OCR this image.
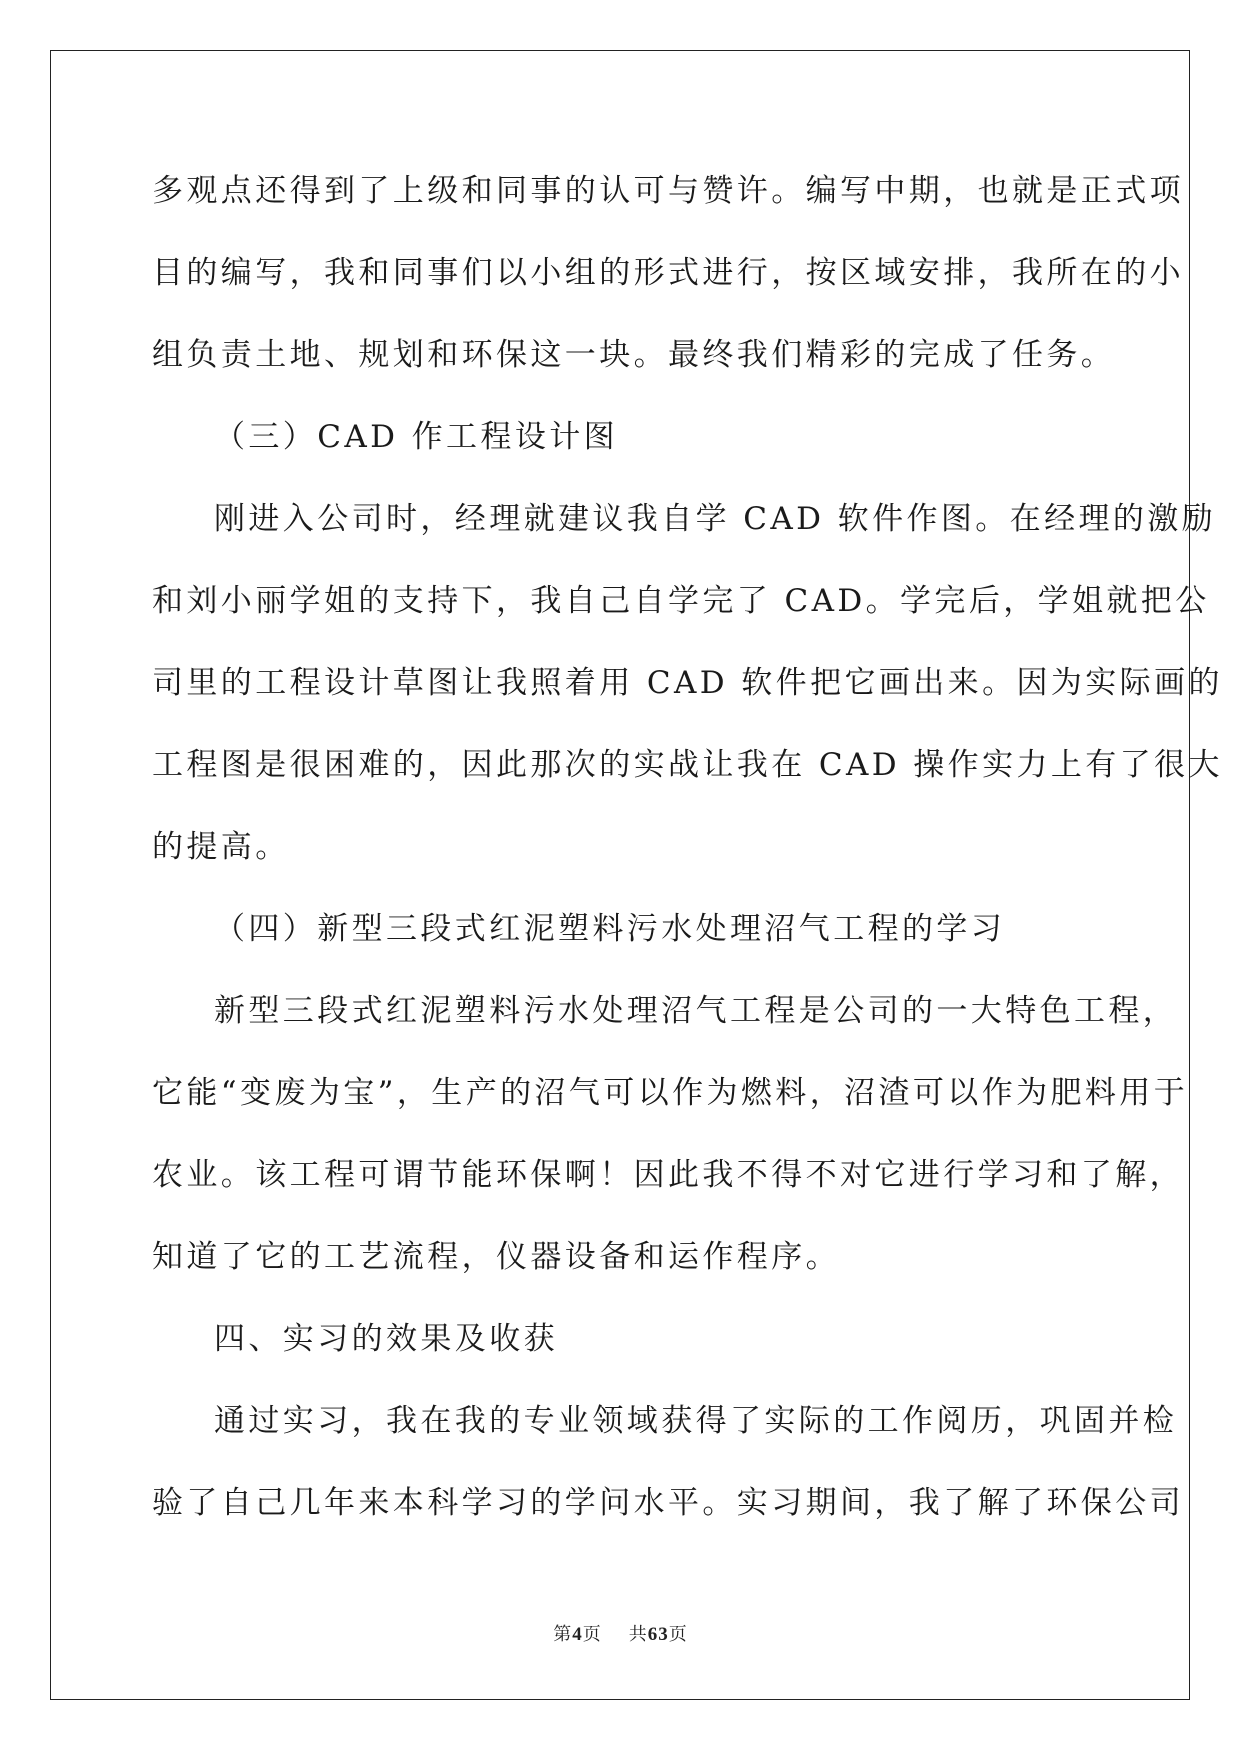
多观点还得到了上级和同事的认可与赞许。编写中期，也就是正式项
目的编写，我和同事们以小组的形式进行，按区域安排，我所在的小
组负责土地、规划和环保这一块。最终我们精彩的完成了任务。
（三）CAD 作工程设计图
刚进入公司时，经理就建议我自学 CAD 软件作图。在经理的激励
和刘小丽学姐的支持下，我自己自学完了 CAD。学完后，学姐就把公
司里的工程设计草图让我照着用 CAD 软件把它画出来。因为实际画的
工程图是很困难的，因此那次的实战让我在 CAD 操作实力上有了很大
的提高。
（四）新型三段式红泥塑料污水处理沼气工程的学习
新型三段式红泥塑料污水处理沼气工程是公司的一大特色工程，
它能“变废为宝”，生产的沼气可以作为燃料，沼渣可以作为肥料用于
农业。该工程可谓节能环保啊！因此我不得不对它进行学习和了解，
知道了它的工艺流程，仪器设备和运作程序。
四、实习的效果及收获
通过实习，我在我的专业领域获得了实际的工作阅历，巩固并检
验了自己几年来本科学习的学问水平。实习期间，我了解了环保公司
第4页 共63页
